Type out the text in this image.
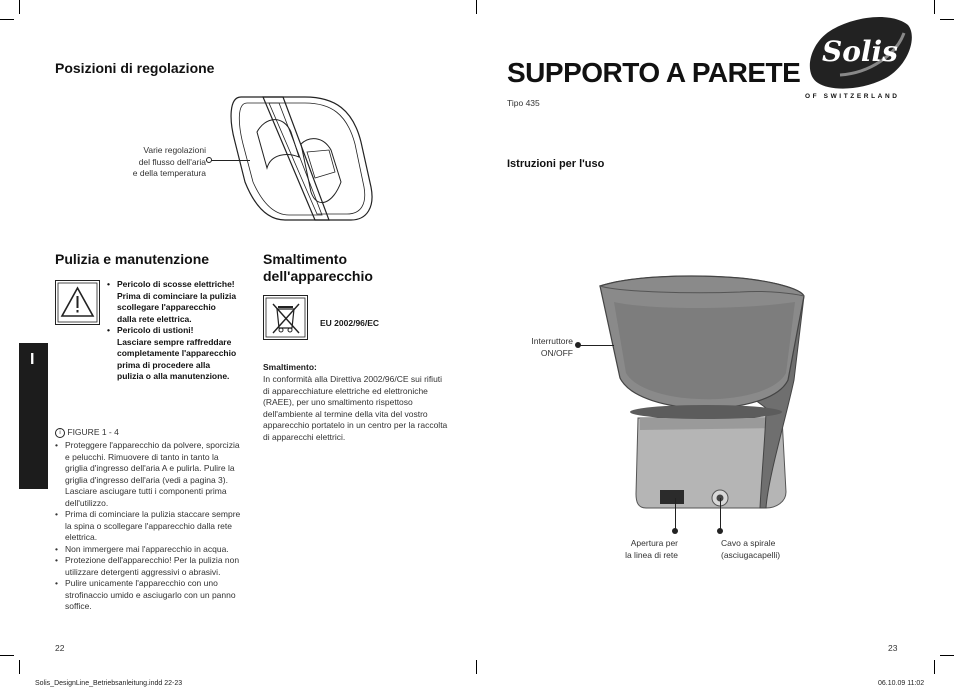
Posizioni di regolazione
Varie regolazioni
del flusso dell'aria
e della temperatura
Pulizia e manutenzione
• Pericolo di scosse elettriche!
Prima di cominciare la pulizia scollegare l'apparecchio dalla rete elettrica.
• Pericolo di ustioni!
Lasciare sempre raffreddare completamente l'apparecchio prima di procedere alla pulizia o alla manutenzione.
I
i FIGURE 1 - 4
• Proteggere l'apparecchio da polvere, sporcizia e pelucchi. Rimuovere di tanto in tanto la griglia d'ingresso dell'aria A e pulirla. Pulire la griglia d'ingresso dell'aria (vedi a pagina 3). Lasciare asciugare tutti i componenti prima dell'utilizzo.
• Prima di cominciare la pulizia staccare sempre la spina o scollegare l'apparecchio dalla rete elettrica.
• Non immergere mai l'apparecchio in acqua.
• Protezione dell'apparecchio! Per la pulizia non utilizzare detergenti aggressivi o abrasivi.
• Pulire unicamente l'apparecchio con uno strofinaccio umido e asciugarlo con un panno soffice.
Smaltimento dell'apparecchio
EU 2002/96/EC
Smaltimento:
In conformità alla Direttiva 2002/96/CE sui rifiuti di apparecchiature elettriche ed elettroniche (RAEE), per uno smaltimento rispettoso dell'ambiente al termine della vita del vostro apparecchio portatelo in un centro per la raccolta di apparecchi elettrici.
22
SUPPORTO A PARETE
Tipo 435
Istruzioni per l'uso
Solis
OF SWITZERLAND
Interruttore
ON/OFF
Apertura per
la linea di rete
Cavo a spirale
(asciugacapelli)
23
Solis_DesignLine_Betriebsanleitung.indd 22-23	06.10.09 11:02
